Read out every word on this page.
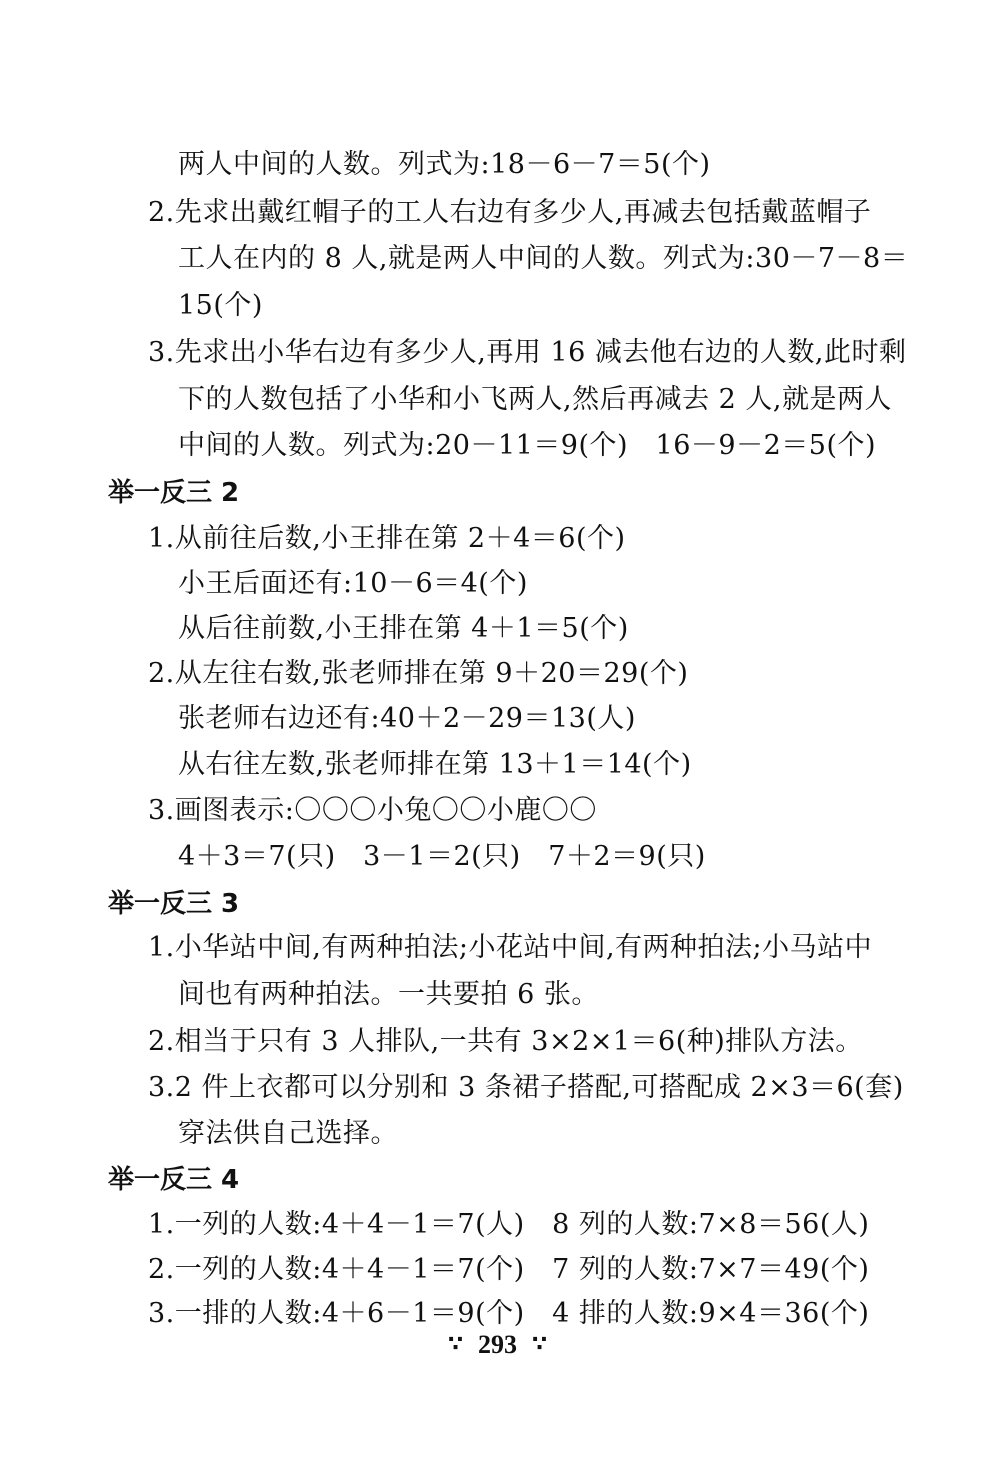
两人中间的人数。列式为:18－6－7＝5(个)
2.先求出戴红帽子的工人右边有多少人,再减去包括戴蓝帽子
工人在内的 8 人,就是两人中间的人数。列式为:30－7－8＝
15(个)
3.先求出小华右边有多少人,再用 16 减去他右边的人数,此时剩
下的人数包括了小华和小飞两人,然后再减去 2 人,就是两人
中间的人数。列式为:20－11＝9(个)　16－9－2＝5(个)
举一反三 2
1.从前往后数,小王排在第 2＋4＝6(个)
小王后面还有:10－6＝4(个)
从后往前数,小王排在第 4＋1＝5(个)
2.从左往右数,张老师排在第 9＋20＝29(个)
张老师右边还有:40＋2－29＝13(人)
从右往左数,张老师排在第 13＋1＝14(个)
3.画图表示:〇〇〇小兔〇〇小鹿〇〇
4＋3＝7(只)　3－1＝2(只)　7＋2＝9(只)
举一反三 3
1.小华站中间,有两种拍法;小花站中间,有两种拍法;小马站中
间也有两种拍法。一共要拍 6 张。
2.相当于只有 3 人排队,一共有 3×2×1＝6(种)排队方法。
3.2 件上衣都可以分别和 3 条裙子搭配,可搭配成 2×3＝6(套)
穿法供自己选择。
举一反三 4
1.一列的人数:4＋4－1＝7(人)　8 列的人数:7×8＝56(人)
2.一列的人数:4＋4－1＝7(个)　7 列的人数:7×7＝49(个)
3.一排的人数:4＋6－1＝9(个)　4 排的人数:9×4＝36(个)
∵ 293 ∵
